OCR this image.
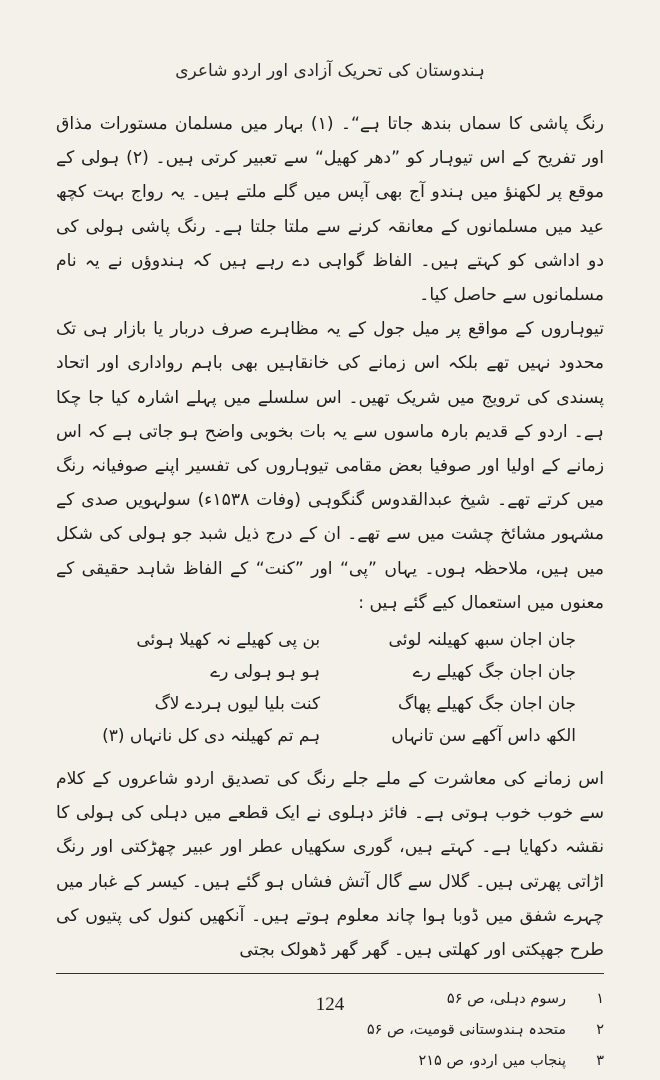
ہندوستان کی تحریک آزادی اور اردو شاعری

رنگ پاشی کا سماں بندھ جاتا ہے“۔ (۱) بہار میں مسلمان مستورات مذاق اور تفریح کے اس تیوہار کو ”دھر کھیل“ سے تعبیر کرتی ہیں۔ (۲) ہولی کے موقع پر لکھنؤ میں ہندو آج بھی آپس میں گلے ملتے ہیں۔ یہ رواج بہت کچھ عید میں مسلمانوں کے معانقہ کرنے سے ملتا جلتا ہے۔ رنگ پاشی ہولی کی دو اداشی کو کہتے ہیں۔ الفاظ گواہی دے رہے ہیں کہ ہندوؤں نے یہ نام مسلمانوں سے حاصل کیا۔

تیوہاروں کے مواقع پر میل جول کے یہ مظاہرے صرف دربار یا بازار ہی تک محدود نہیں تھے بلکہ اس زمانے کی خانقاہیں بھی باہم رواداری اور اتحاد پسندی کی ترویج میں شریک تھیں۔ اس سلسلے میں پہلے اشارہ کیا جا چکا ہے۔ اردو کے قدیم بارہ ماسوں سے یہ بات بخوبی واضح ہو جاتی ہے کہ اس زمانے کے اولیا اور صوفیا بعض مقامی تیوہاروں کی تفسیر اپنے صوفیانہ رنگ میں کرتے تھے۔ شیخ عبدالقدوس گنگوہی (وفات ۱۵۳۸ء) سولہویں صدی کے مشہور مشائخ چشت میں سے تھے۔ ان کے درج ذیل شبد جو ہولی کی شکل میں ہیں، ملاحظہ ہوں۔ یہاں ”پی“ اور ”کنت“ کے الفاظ شاہد حقیقی کے معنوں میں استعمال کیے گئے ہیں :

جان اجان سبھ کھیلنہ لوئی
بن پی کھیلے نہ کھیلا ہوئی
جان اجان جگ کھیلے رے
ہو ہو ہولی رے
جان اجان جگ کھیلے پھاگ
کنت بلیا لیوں ہردے لاگ
الکھ داس آکھے سن تانہاں
ہم تم کھیلنہ دی کل نانہاں (۳)

اس زمانے کی معاشرت کے ملے جلے رنگ کی تصدیق اردو شاعروں کے کلام سے خوب خوب ہوتی ہے۔ فائز دہلوی نے ایک قطعے میں دہلی کی ہولی کا نقشہ دکھایا ہے۔ کہتے ہیں، گوری سکھیاں عطر اور عبیر چھڑکتی اور رنگ اڑاتی پھرتی ہیں۔ گلال سے گال آتش فشاں ہو گئے ہیں۔ کیسر کے غبار میں چہرے شفق میں ڈوبا ہوا چاند معلوم ہوتے ہیں۔ آنکھیں کنول کی پتیوں کی طرح جھپکتی اور کھلتی ہیں۔ گھر گھر ڈھولک بجتی

۱
رسوم دہلی، ص ۵۶
۲
متحدہ ہندوستانی قومیت، ص ۵۶
۳
پنجاب میں اردو، ص ۲۱۵
124
